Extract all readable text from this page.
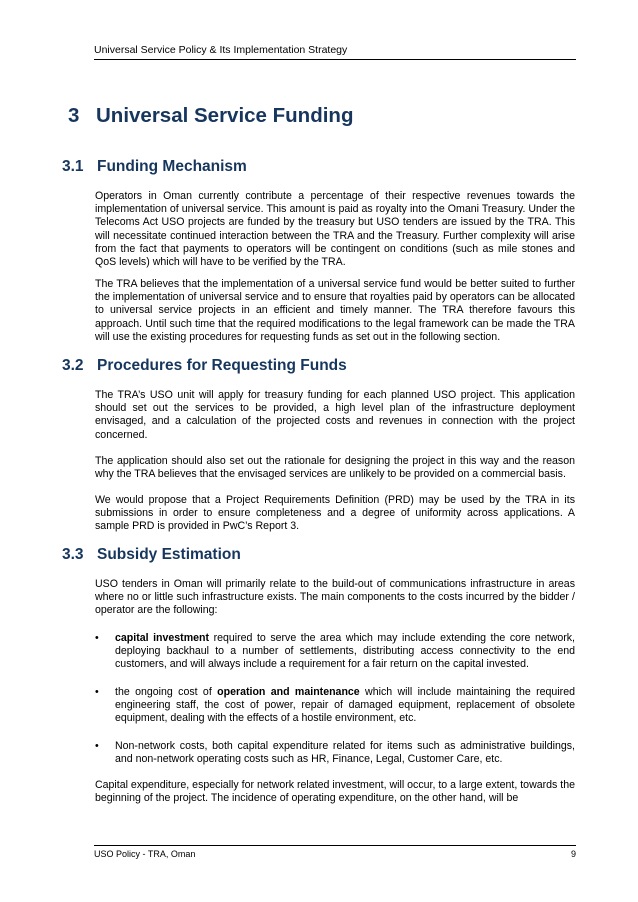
Universal Service Policy & Its Implementation Strategy
3 Universal Service Funding
3.1 Funding Mechanism

Operators in Oman currently contribute a percentage of their respective revenues towards the implementation of universal service. This amount is paid as royalty into the Omani Treasury. Under the Telecoms Act USO projects are funded by the treasury but USO tenders are issued by the TRA. This will necessitate continued interaction between the TRA and the Treasury. Further complexity will arise from the fact that payments to operators will be contingent on conditions (such as mile stones and QoS levels) which will have to be verified by the TRA.

The TRA believes that the implementation of a universal service fund would be better suited to further the implementation of universal service and to ensure that royalties paid by operators can be allocated to universal service projects in an efficient and timely manner. The TRA therefore favours this approach. Until such time that the required modifications to the legal framework can be made the TRA will use the existing procedures for requesting funds as set out in the following section.

3.2 Procedures for Requesting Funds

The TRA’s USO unit will apply for treasury funding for each planned USO project. This application should set out the services to be provided, a high level plan of the infrastructure deployment envisaged, and a calculation of the projected costs and revenues in connection with the project concerned.

The application should also set out the rationale for designing the project in this way and the reason why the TRA believes that the envisaged services are unlikely to be provided on a commercial basis.

We would propose that a Project Requirements Definition (PRD) may be used by the TRA in its submissions in order to ensure completeness and a degree of uniformity across applications. A sample PRD is provided in PwC’s Report 3.

3.3 Subsidy Estimation

USO tenders in Oman will primarily relate to the build-out of communications infrastructure in areas where no or little such infrastructure exists. The main components to the costs incurred by the bidder / operator are the following:

• capital investment required to serve the area which may include extending the core network, deploying backhaul to a number of settlements, distributing access connectivity to the end customers, and will always include a requirement for a fair return on the capital invested.
• the ongoing cost of operation and maintenance which will include maintaining the required engineering staff, the cost of power, repair of damaged equipment, replacement of obsolete equipment, dealing with the effects of a hostile environment, etc.
• Non-network costs, both capital expenditure related for items such as administrative buildings, and non-network operating costs such as HR, Finance, Legal, Customer Care, etc.

Capital expenditure, especially for network related investment, will occur, to a large extent, towards the beginning of the project. The incidence of operating expenditure, on the other hand, will be

USO Policy - TRA, Oman	9
